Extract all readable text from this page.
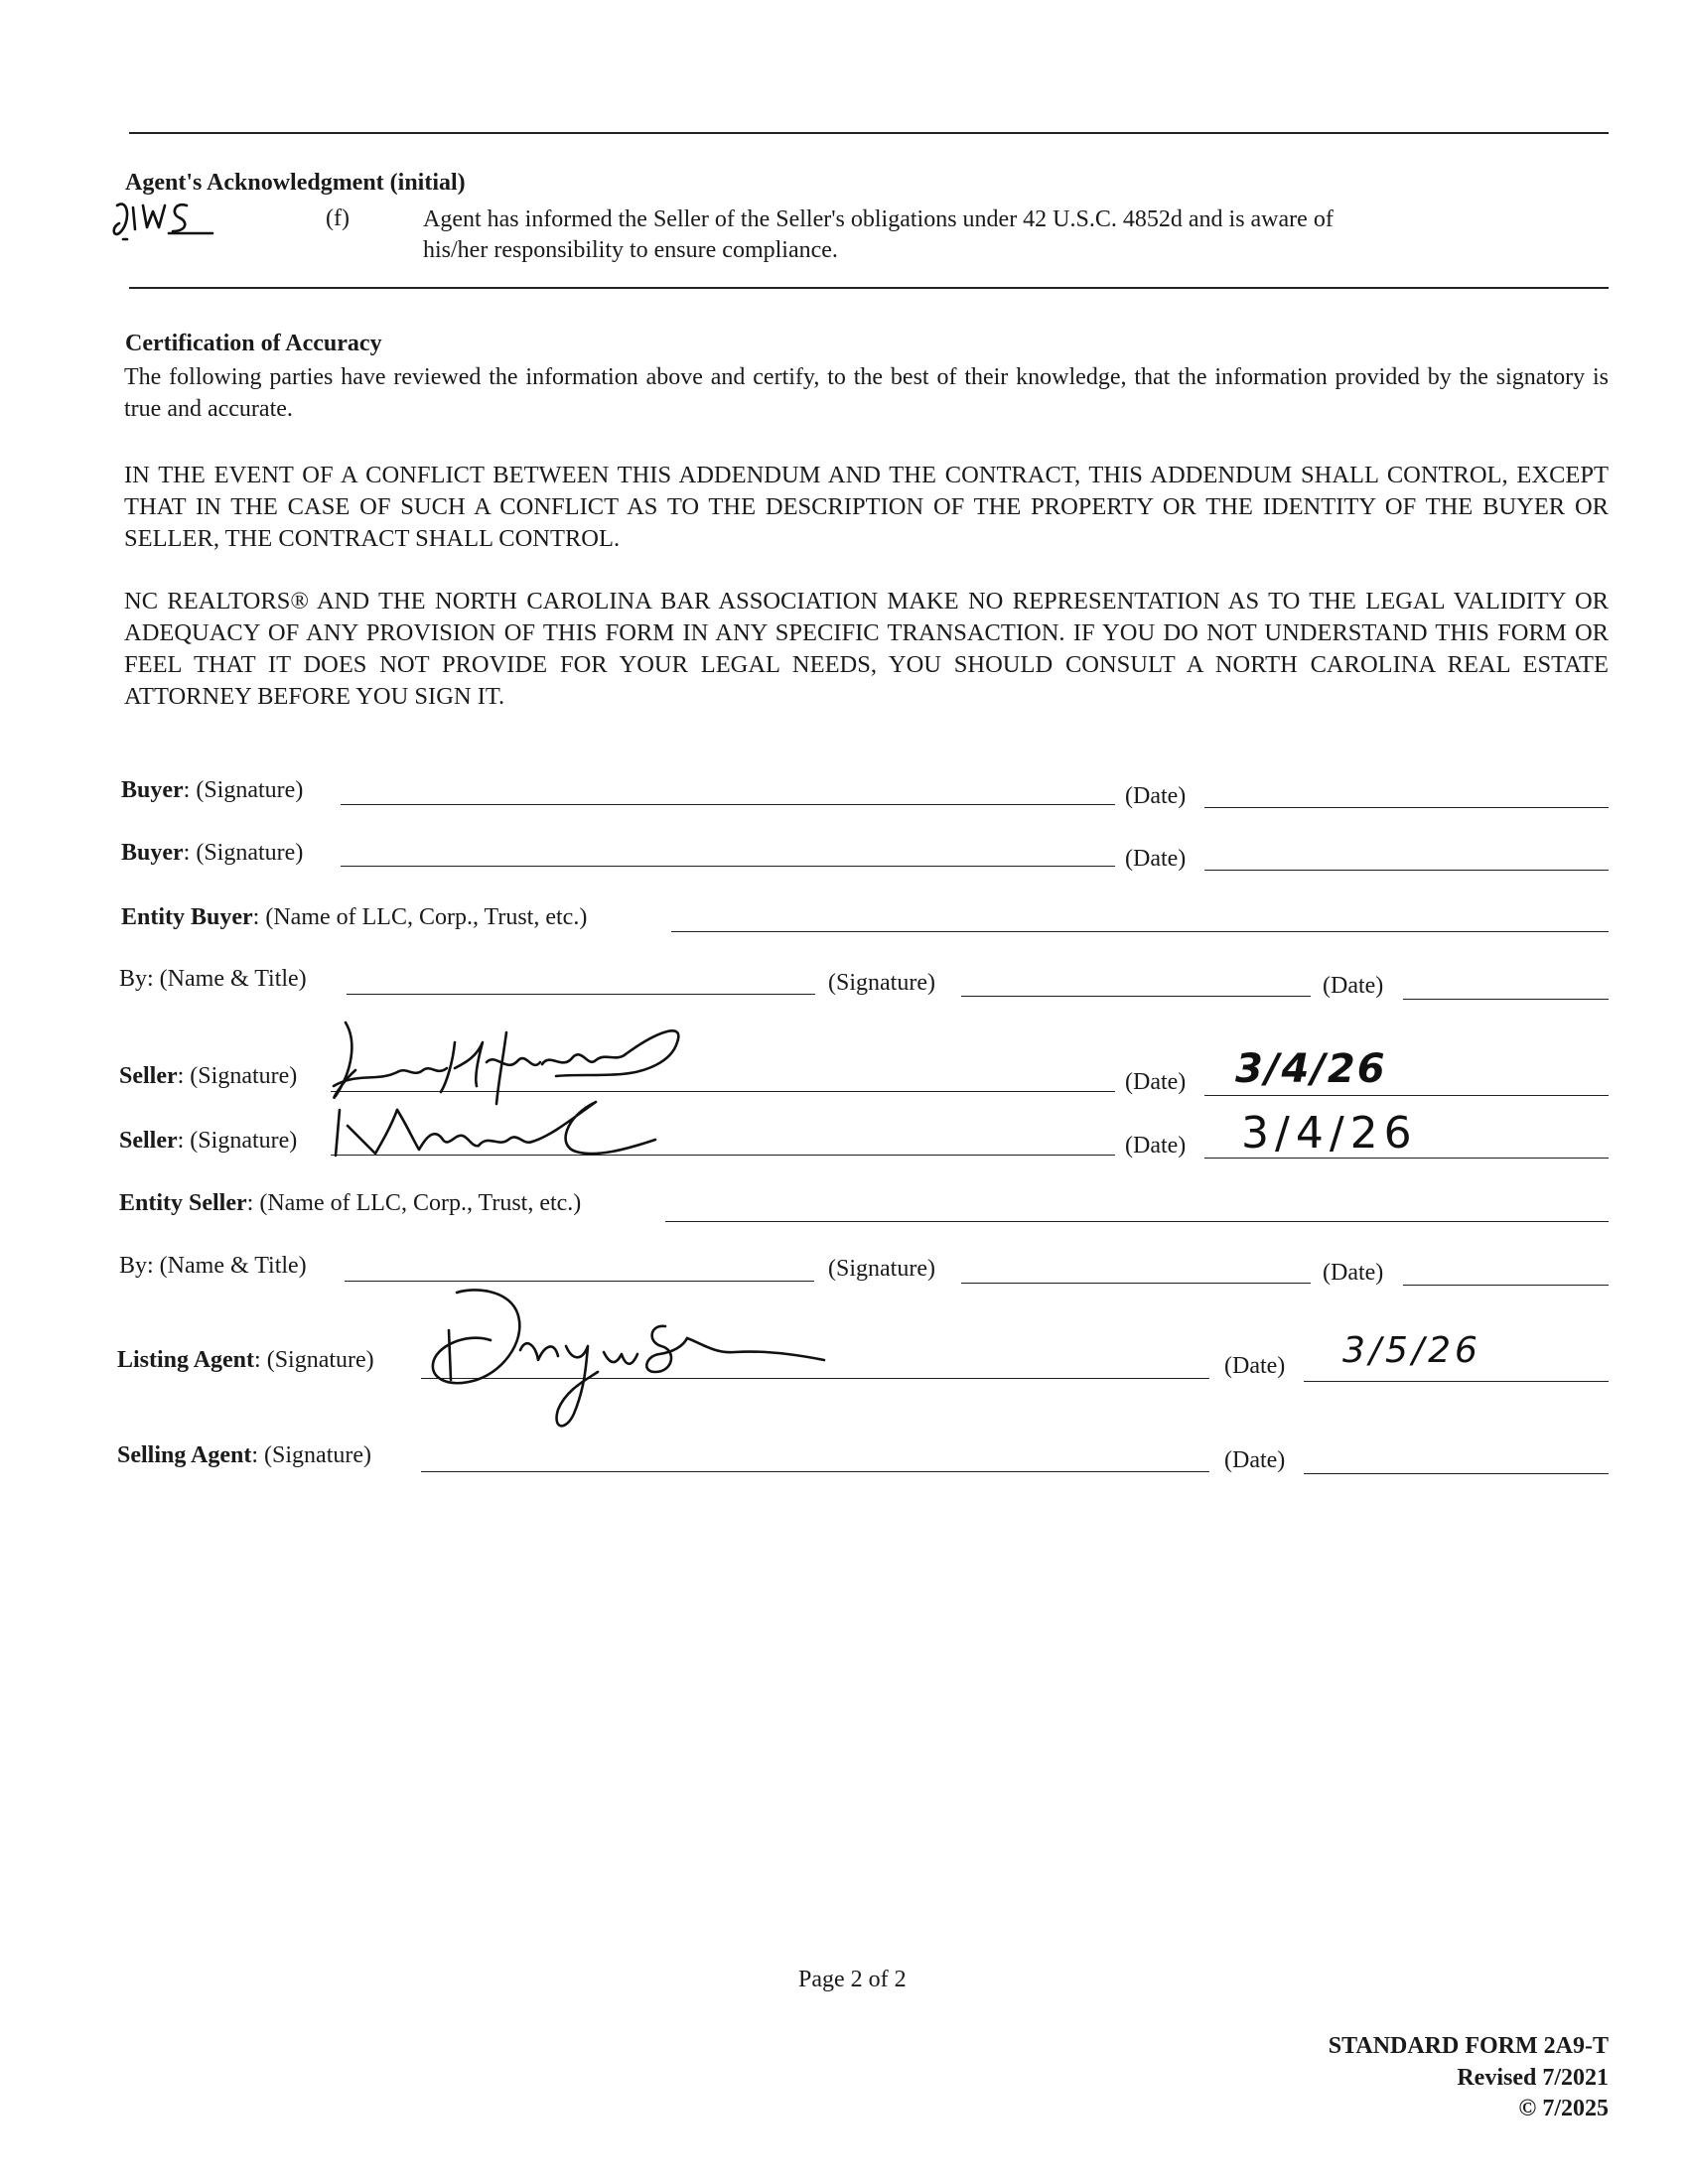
Agent's Acknowledgment (initial)
(f)	Agent has informed the Seller of the Seller's obligations under 42 U.S.C. 4852d and is aware of
his/her responsibility to ensure compliance.
Certification of Accuracy
The following parties have reviewed the information above and certify, to the best of their knowledge, that the information provided by the signatory is true and accurate.
IN THE EVENT OF A CONFLICT BETWEEN THIS ADDENDUM AND THE CONTRACT, THIS ADDENDUM SHALL CONTROL, EXCEPT THAT IN THE CASE OF SUCH A CONFLICT AS TO THE DESCRIPTION OF THE PROPERTY OR THE IDENTITY OF THE BUYER OR SELLER, THE CONTRACT SHALL CONTROL.
NC REALTORS® AND THE NORTH CAROLINA BAR ASSOCIATION MAKE NO REPRESENTATION AS TO THE LEGAL VALIDITY OR ADEQUACY OF ANY PROVISION OF THIS FORM IN ANY SPECIFIC TRANSACTION. IF YOU DO NOT UNDERSTAND THIS FORM OR FEEL THAT IT DOES NOT PROVIDE FOR YOUR LEGAL NEEDS, YOU SHOULD CONSULT A NORTH CAROLINA REAL ESTATE ATTORNEY BEFORE YOU SIGN IT.
Buyer: (Signature)	(Date)
Buyer: (Signature)	(Date)
Entity Buyer: (Name of LLC, Corp., Trust, etc.)
By: (Name & Title)	(Signature)	(Date)
Seller: (Signature)	(Date) 3/4/26
Seller: (Signature)	(Date) 3/4/26
Entity Seller: (Name of LLC, Corp., Trust, etc.)
By: (Name & Title)	(Signature)	(Date)
Listing Agent: (Signature)	(Date) 3/5/26
Selling Agent: (Signature)	(Date)
Page 2 of 2
STANDARD FORM 2A9-T
Revised 7/2021
© 7/2025
